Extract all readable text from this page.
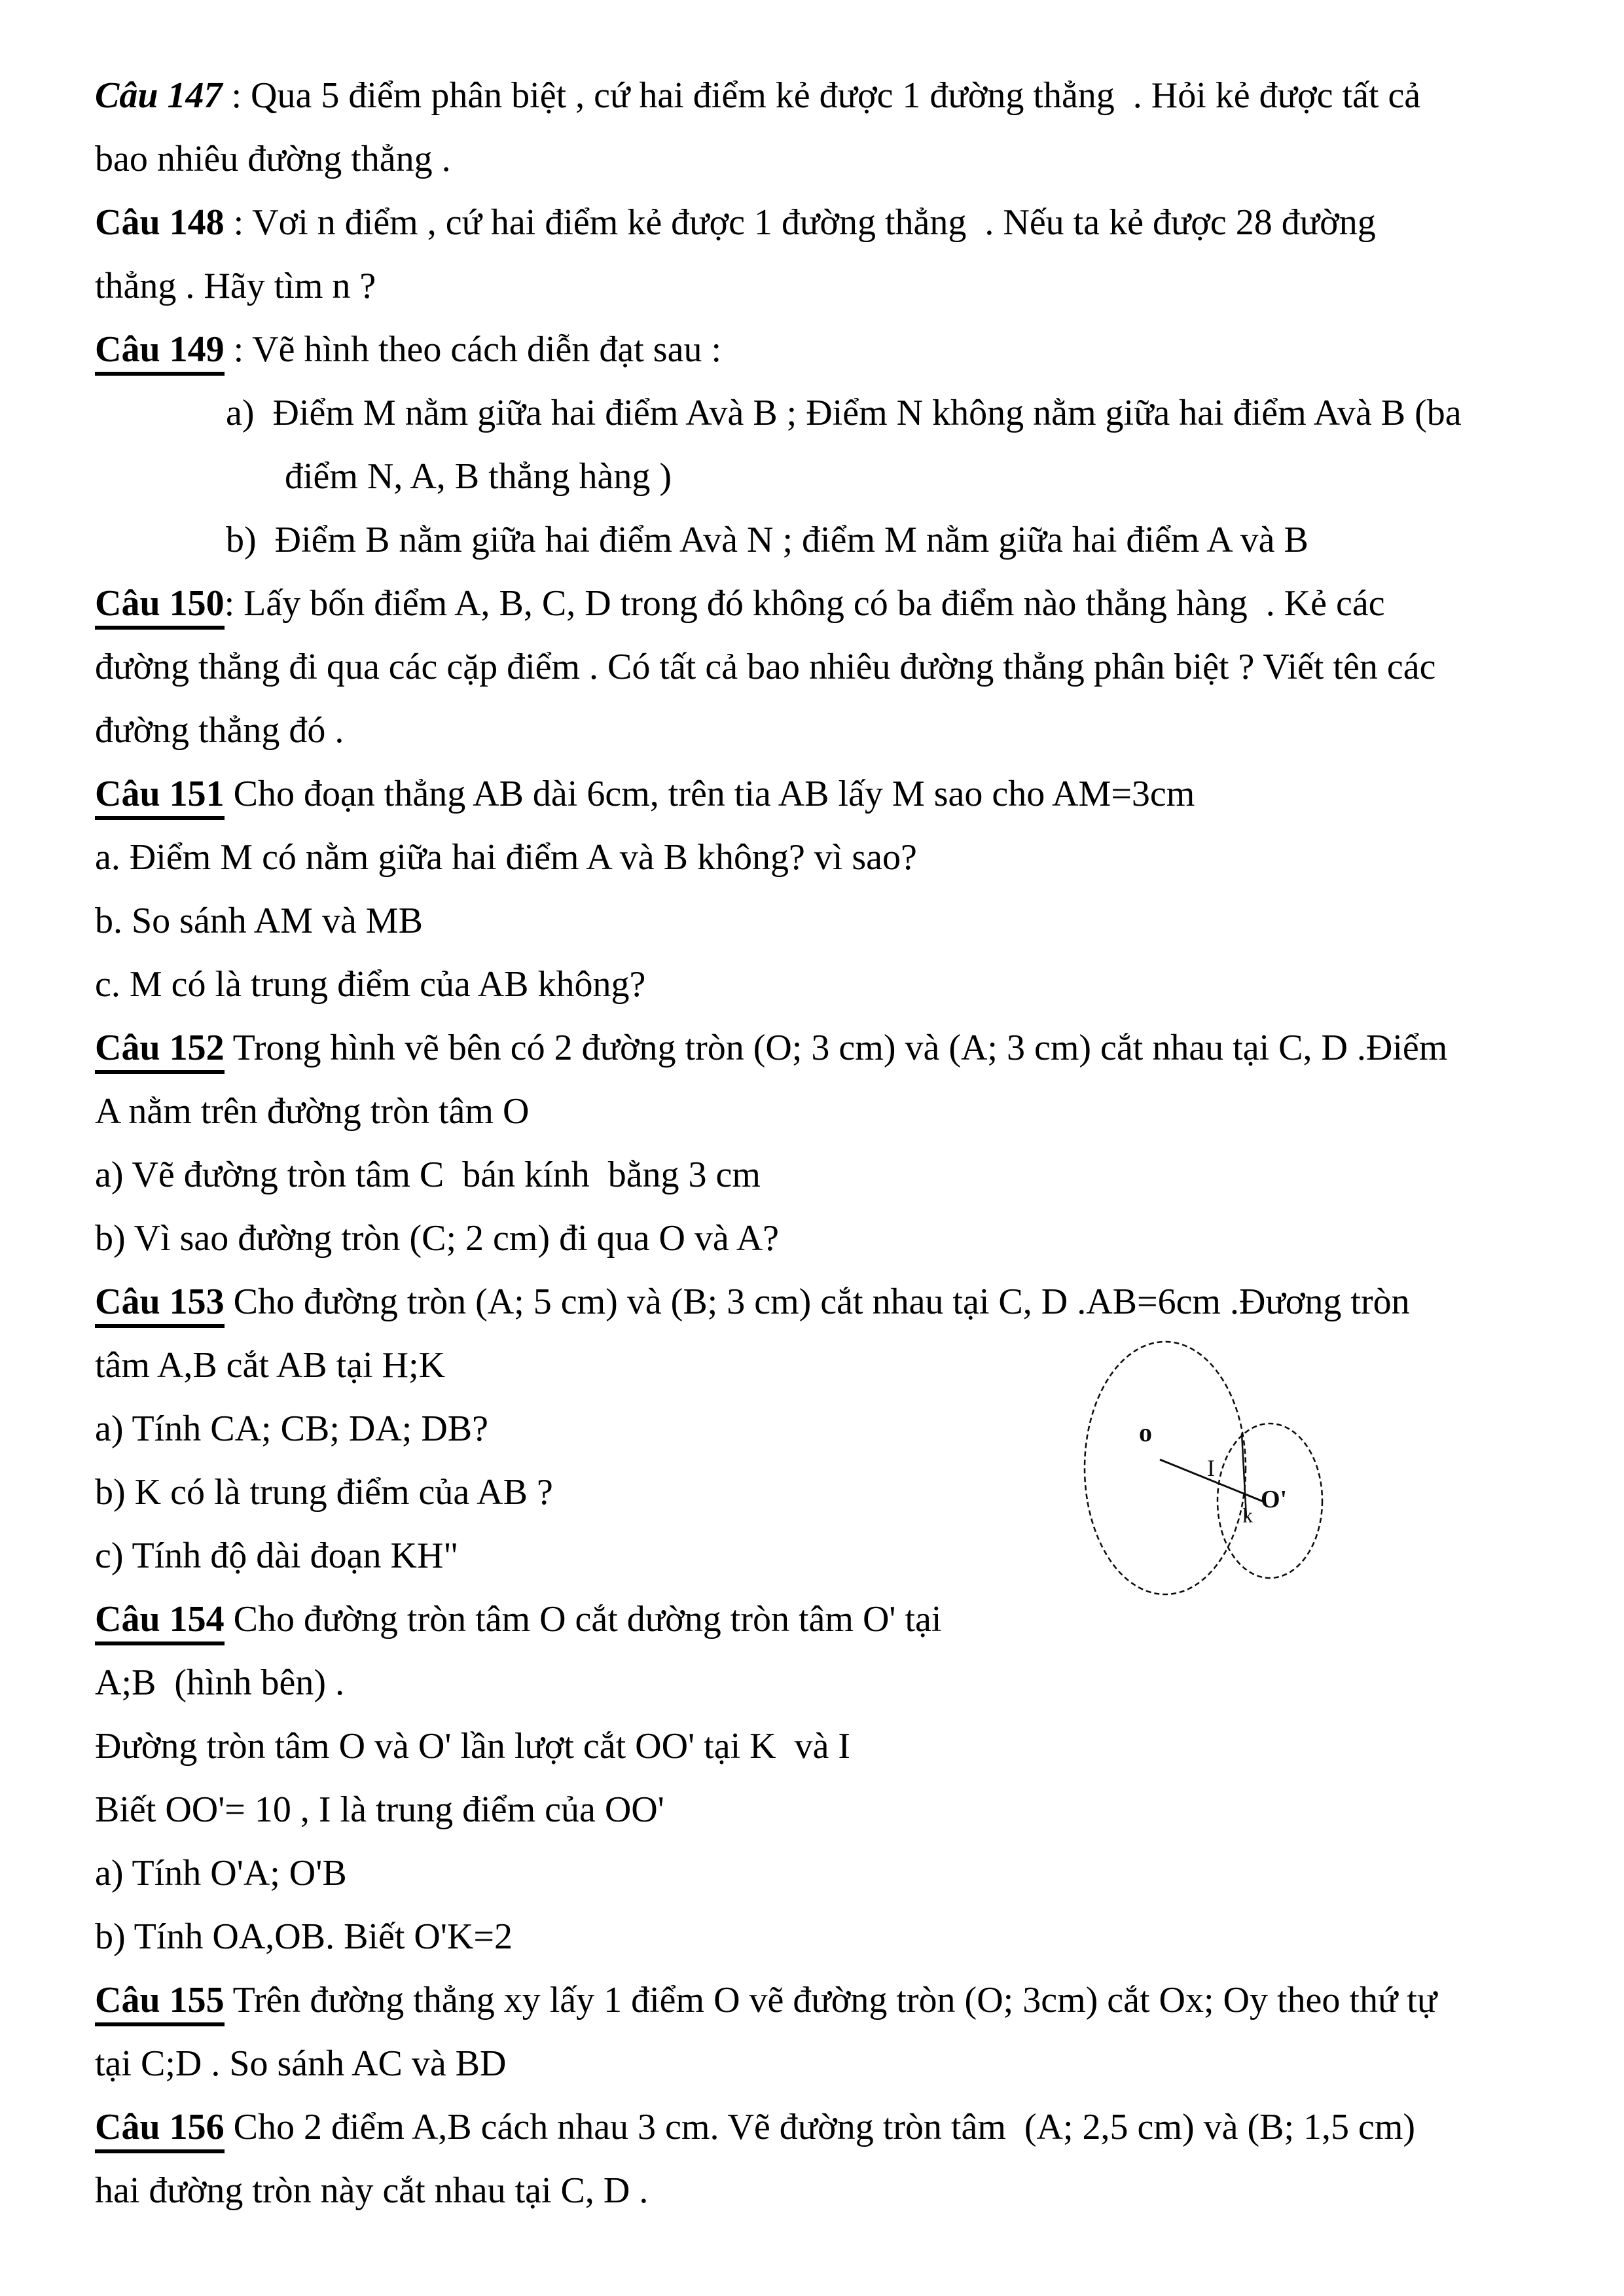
Câu 147 : Qua 5 điểm phân biệt , cứ hai điểm kẻ được 1 đường thẳng  . Hỏi kẻ được tất cả
bao nhiêu đường thẳng .
Câu 148 : Vơi n điểm , cứ hai điểm kẻ được 1 đường thẳng  . Nếu ta kẻ được 28 đường
thẳng . Hãy tìm n ?
Câu 149 : Vẽ hình theo cách diễn đạt sau :
a)  Điểm M nằm giữa hai điểm Avà B ; Điểm N không nằm giữa hai điểm Avà B (ba
điểm N, A, B thẳng hàng )
b)  Điểm B nằm giữa hai điểm Avà N ; điểm M nằm giữa hai điểm A và B
Câu 150: Lấy bốn điểm A, B, C, D trong đó không có ba điểm nào thẳng hàng  . Kẻ các
đường thẳng đi qua các cặp điểm . Có tất cả bao nhiêu đường thẳng phân biệt ? Viết tên các
đường thẳng đó .
Câu 151 Cho đoạn thẳng AB dài 6cm, trên tia AB lấy M sao cho AM=3cm
a. Điểm M có nằm giữa hai điểm A và B không? vì sao?
b. So sánh AM và MB
c. M có là trung điểm của AB không?
Câu 152 Trong hình vẽ bên có 2 đường tròn (O; 3 cm) và (A; 3 cm) cắt nhau tại C, D .Điểm
A nằm trên đường tròn tâm O
a) Vẽ đường tròn tâm C  bán kính  bằng 3 cm
b) Vì sao đường tròn (C; 2 cm) đi qua O và A?
Câu 153 Cho đường tròn (A; 5 cm) và (B; 3 cm) cắt nhau tại C, D .AB=6cm .Đương tròn
tâm A,B cắt AB tại H;K
a) Tính CA; CB; DA; DB?
b) K có là trung điểm của AB ?
c) Tính độ dài đoạn KH"
Câu 154 Cho đường tròn tâm O cắt dường tròn tâm O' tại
A;B  (hình bên) .
Đường tròn tâm O và O' lần lượt cắt OO' tại K  và I
Biết OO'= 10 , I là trung điểm của OO'
a) Tính O'A; O'B
b) Tính OA,OB. Biết O'K=2
Câu 155 Trên đường thẳng xy lấy 1 điểm O vẽ đường tròn (O; 3cm) cắt Ox; Oy theo thứ tự
tại C;D . So sánh AC và BD
Câu 156 Cho 2 điểm A,B cách nhau 3 cm. Vẽ đường tròn tâm  (A; 2,5 cm) và (B; 1,5 cm)
hai đường tròn này cắt nhau tại C, D .
o
I
O'
k
